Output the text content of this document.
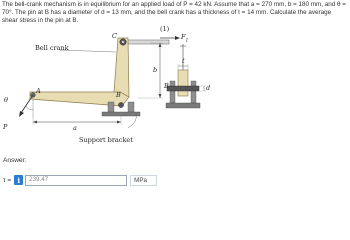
The bell-crank mechanism is in equilibrium for an applied load of P = 42 kN. Assume that a = 270 mm, b = 180 mm, and θ = 70°. The pin at B has a diameter of d = 13 mm, and the bell crank has a thickness of t = 14 mm. Calculate the average shear stress in the pin at B.
Bell crank
C
(1)
$F_1$
b
B
A
θ
P	a
Support bracket
B
t
d
Answer:
τ = i	239.47	MPa
